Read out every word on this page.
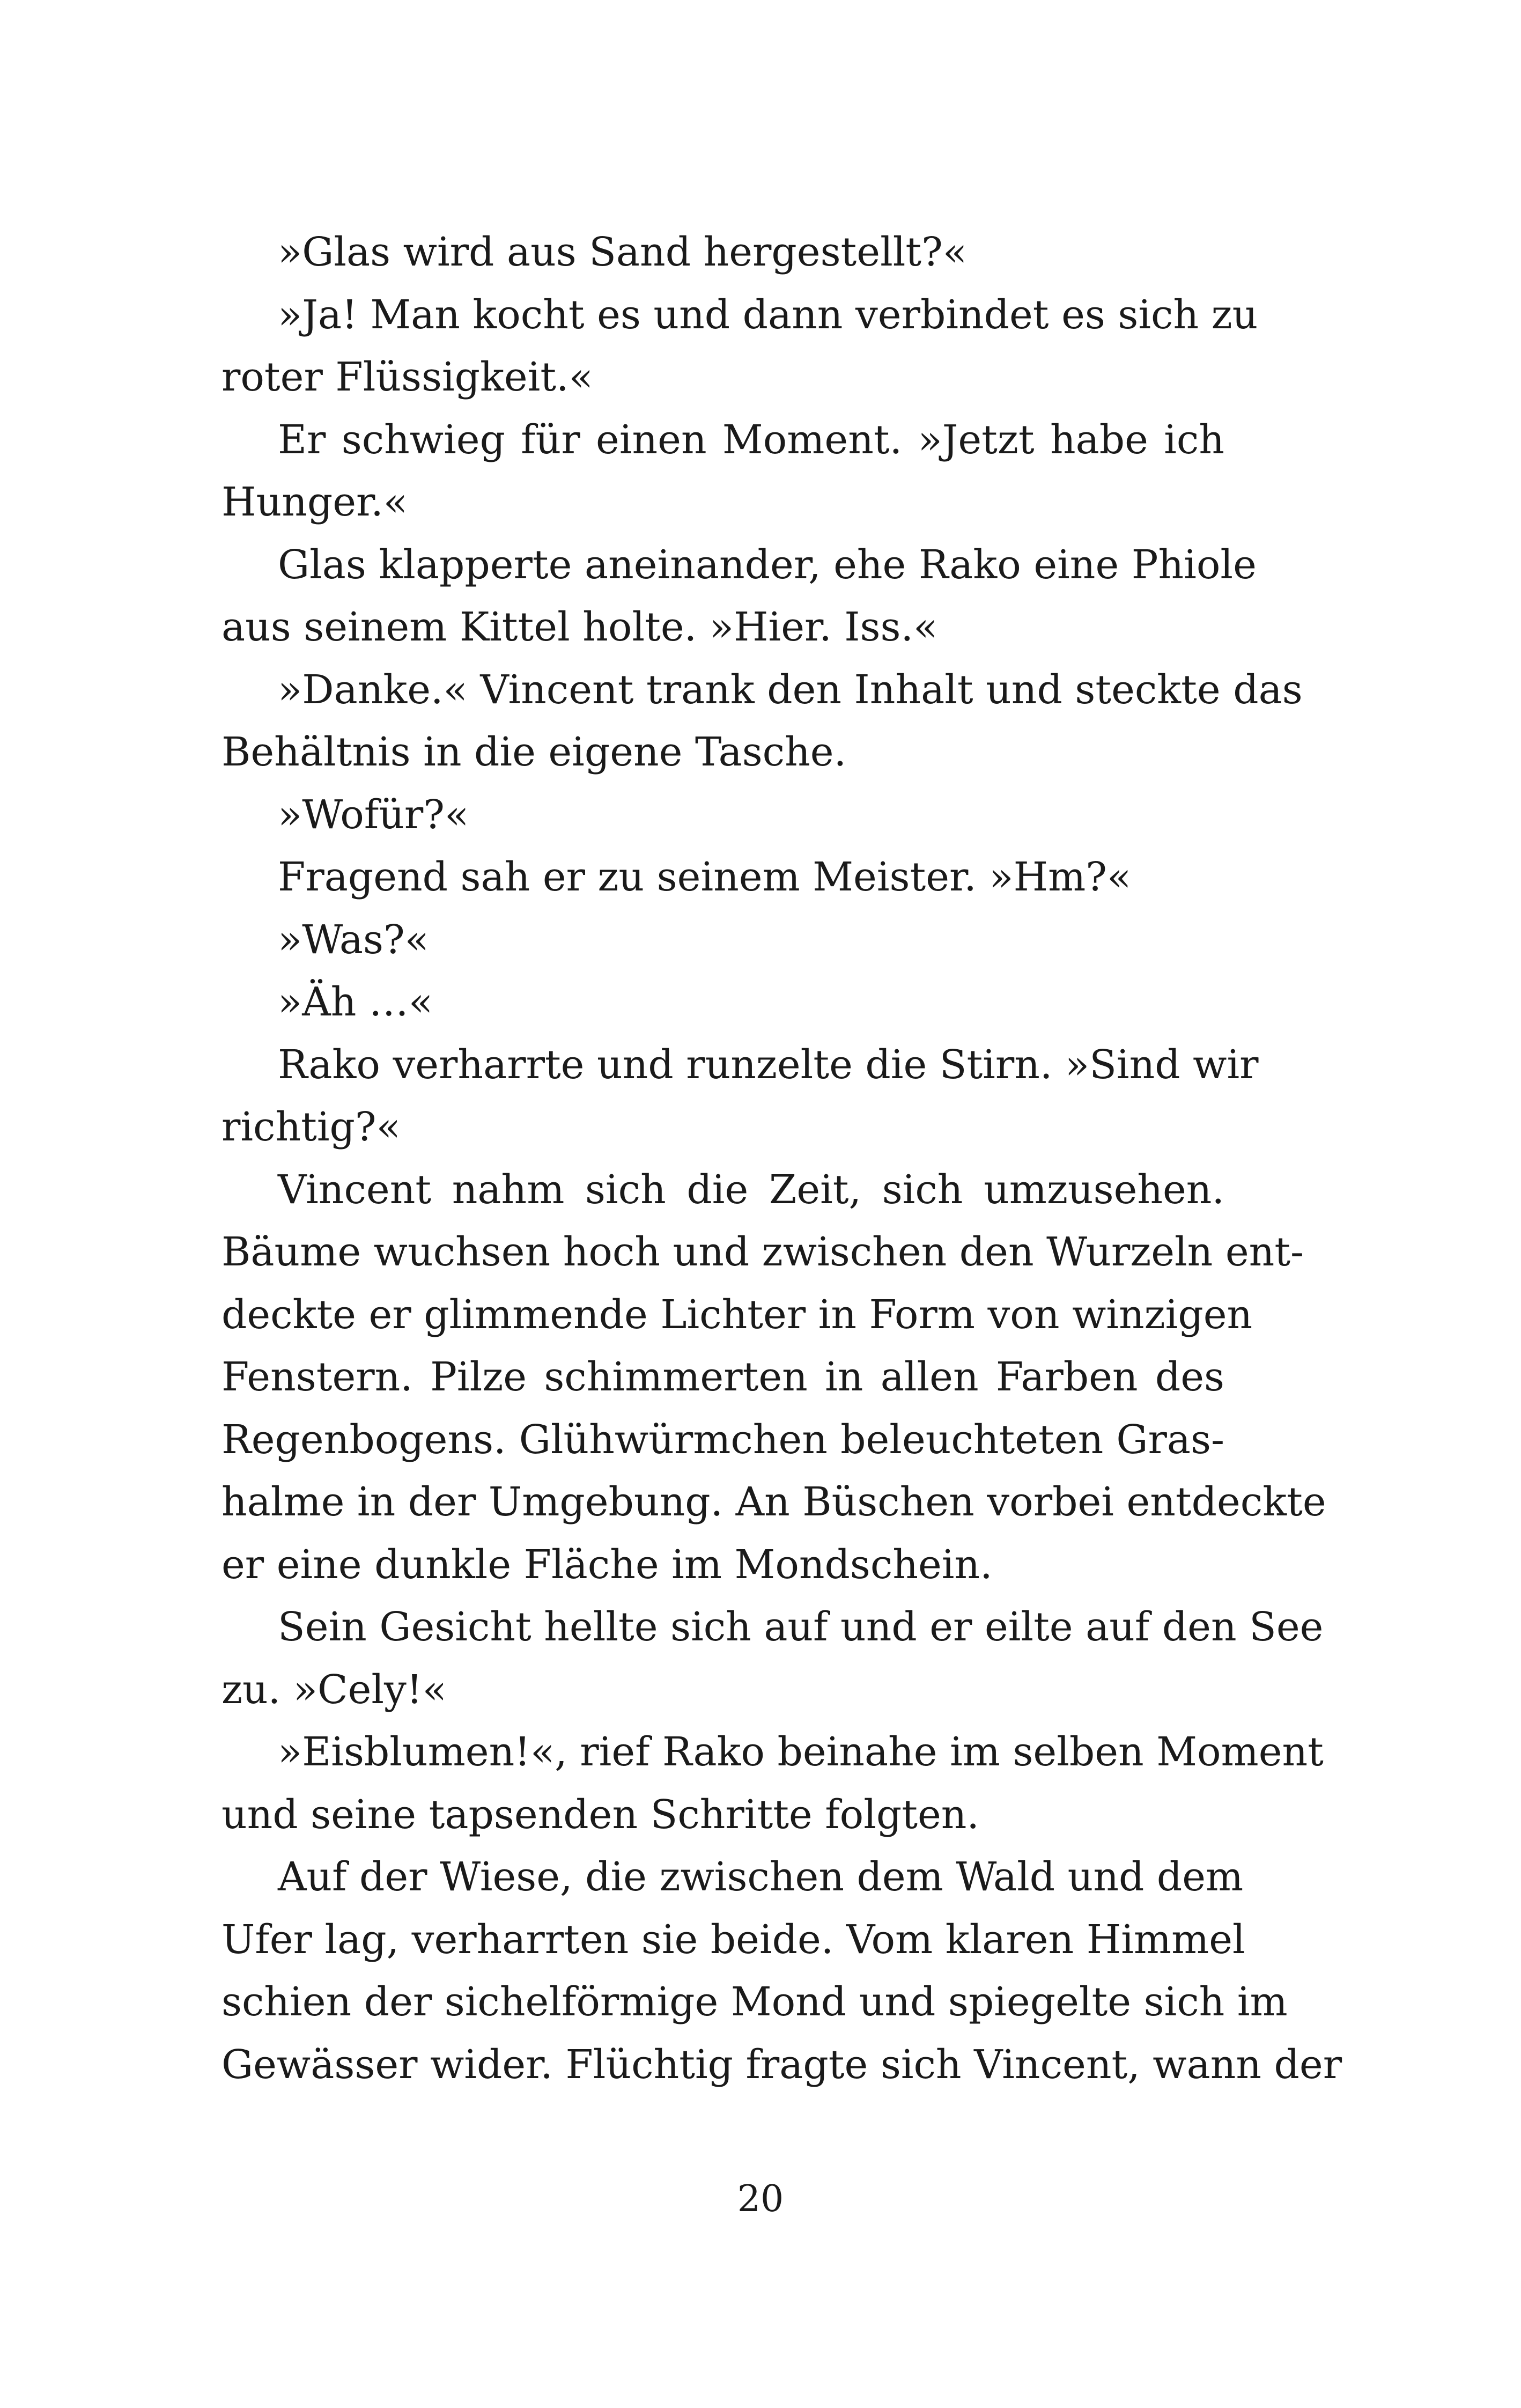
»Glas wird aus Sand hergestellt?«
»Ja! Man kocht es und dann verbindet es sich zu
roter Flüssigkeit.«
Er schwieg für einen Moment. »Jetzt habe ich
Hunger.«
Glas klapperte aneinander, ehe Rako eine Phiole
aus seinem Kittel holte. »Hier. Iss.«
»Danke.« Vincent trank den Inhalt und steckte das
Behältnis in die eigene Tasche.
»Wofür?«
Fragend sah er zu seinem Meister. »Hm?«
»Was?«
»Äh …«
Rako verharrte und runzelte die Stirn. »Sind wir
richtig?«
Vincent nahm sich die Zeit, sich umzusehen.
Bäume wuchsen hoch und zwischen den Wurzeln ent-
deckte er glimmende Lichter in Form von winzigen
Fenstern. Pilze schimmerten in allen Farben des
Regenbogens. Glühwürmchen beleuchteten Gras-
halme in der Umgebung. An Büschen vorbei entdeckte
er eine dunkle Fläche im Mondschein.
Sein Gesicht hellte sich auf und er eilte auf den See
zu. »Cely!«
»Eisblumen!«, rief Rako beinahe im selben Moment
und seine tapsenden Schritte folgten.
Auf der Wiese, die zwischen dem Wald und dem
Ufer lag, verharrten sie beide. Vom klaren Himmel
schien der sichelförmige Mond und spiegelte sich im
Gewässer wider. Flüchtig fragte sich Vincent, wann der
20
